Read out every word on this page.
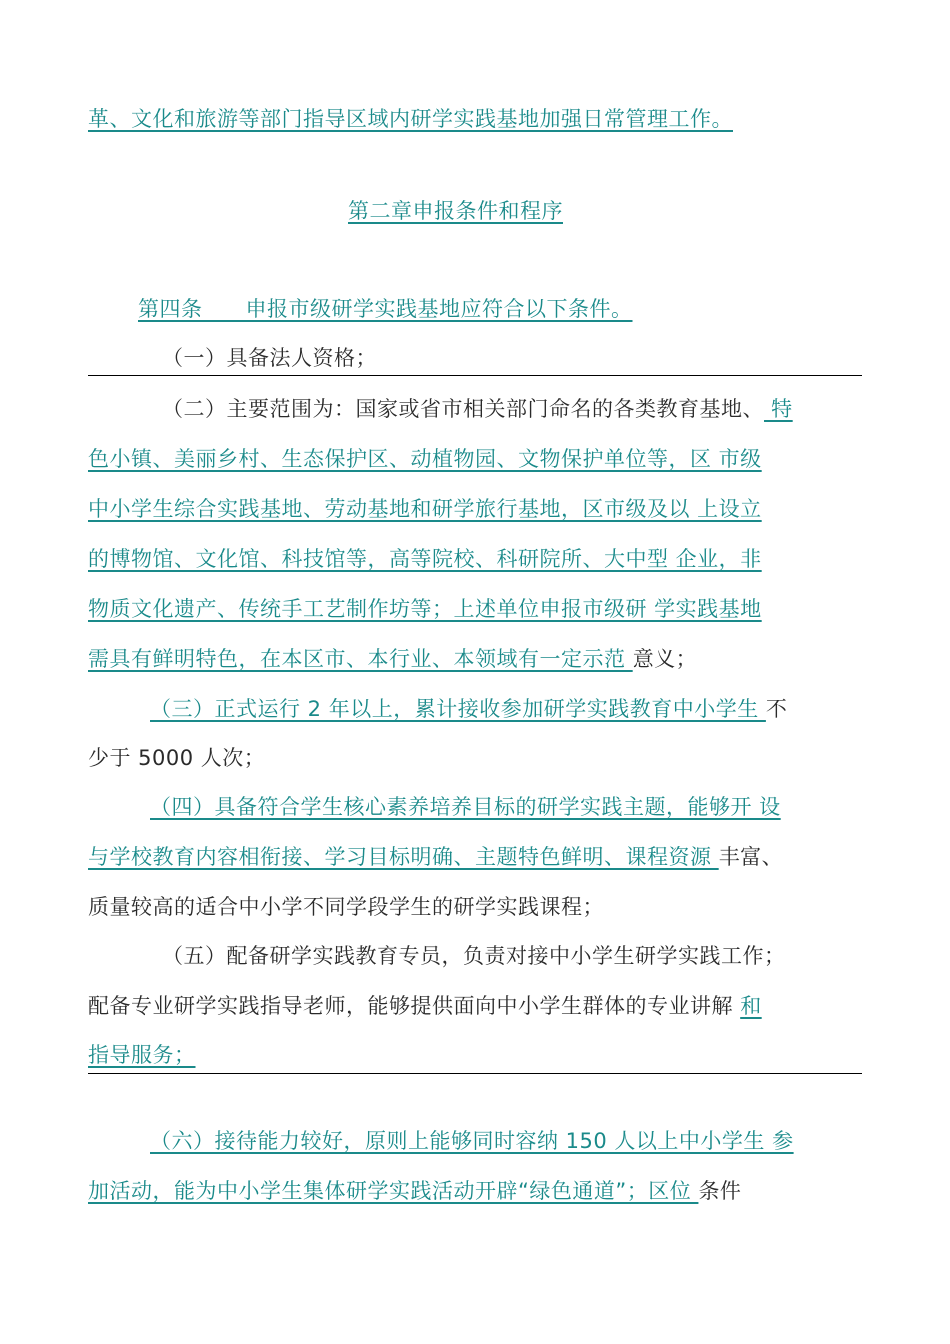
革、文化和旅游等部门指导区域内研学实践基地加强日常管理工作。
第二章申报条件和程序
第四条　　申报市级研学实践基地应符合以下条件。
（一）具备法人资格；
（二）主要范围为：国家或省市相关部门命名的各类教育基地、 特
色小镇、美丽乡村、生态保护区、动植物园、文物保护单位等，区 市级
中小学生综合实践基地、劳动基地和研学旅行基地，区市级及以 上设立
的博物馆、文化馆、科技馆等，高等院校、科研院所、大中型 企业，非
物质文化遗产、传统手工艺制作坊等；上述单位申报市级研 学实践基地
需具有鲜明特色，在本区市、本行业、本领域有一定示范 意义；
（三）正式运行 2 年以上，累计接收参加研学实践教育中小学生 不
少于 5000 人次；
（四）具备符合学生核心素养培养目标的研学实践主题，能够开 设
与学校教育内容相衔接、学习目标明确、主题特色鲜明、课程资源 丰富、
质量较高的适合中小学不同学段学生的研学实践课程；
（五）配备研学实践教育专员，负责对接中小学生研学实践工作；
配备专业研学实践指导老师，能够提供面向中小学生群体的专业讲解 和
指导服务；
（六）接待能力较好，原则上能够同时容纳 150 人以上中小学生 参
加活动，能为中小学生集体研学实践活动开辟“绿色通道”；区位 条件
